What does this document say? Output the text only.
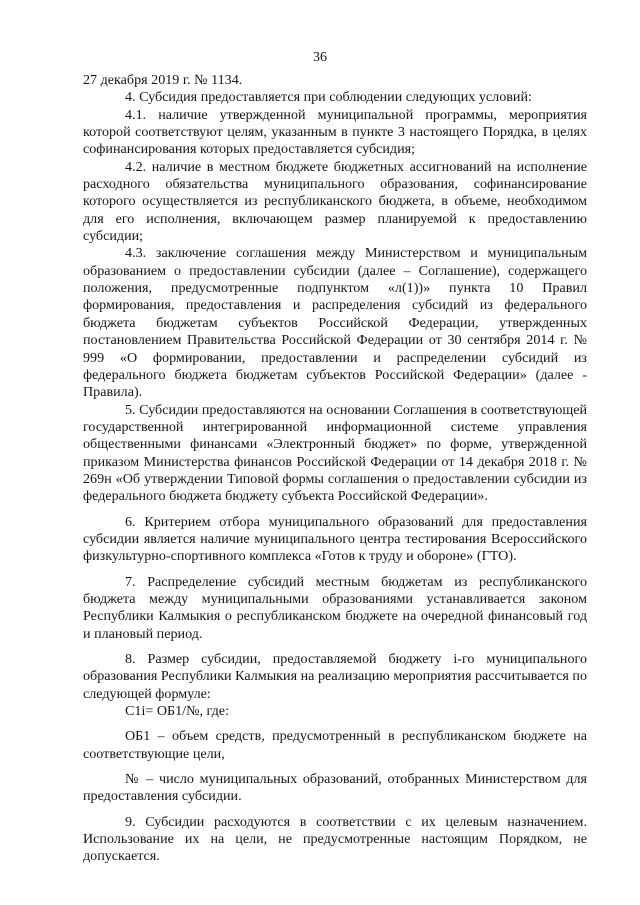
36

27 декабря 2019 г. № 1134.

4. Субсидия предоставляется при соблюдении следующих условий:

4.1. наличие утвержденной муниципальной программы, мероприятия которой соответствуют целям, указанным в пункте 3 настоящего Порядка, в целях софинансирования которых предоставляется субсидия;

4.2. наличие в местном бюджете бюджетных ассигнований на исполнение расходного обязательства муниципального образования, софинансирование которого осуществляется из республиканского бюджета, в объеме, необходимом для его исполнения, включающем размер планируемой к предоставлению субсидии;

4.3. заключение соглашения между Министерством и муниципальным образованием о предоставлении субсидии (далее – Соглашение), содержащего положения, предусмотренные подпунктом «л(1))» пункта 10 Правил формирования, предоставления и распределения субсидий из федерального бюджета бюджетам субъектов Российской Федерации, утвержденных постановлением Правительства Российской Федерации от 30 сентября 2014 г. № 999 «О формировании, предоставлении и распределении субсидий из федерального бюджета бюджетам субъектов Российской Федерации» (далее - Правила).

5. Субсидии предоставляются на основании Соглашения в соответствующей государственной интегрированной информационной системе управления общественными финансами «Электронный бюджет» по форме, утвержденной приказом Министерства финансов Российской Федерации от 14 декабря 2018 г. № 269н «Об утверждении Типовой формы соглашения о предоставлении субсидии из федерального бюджета бюджету субъекта Российской Федерации».

6. Критерием отбора муниципального образований для предоставления субсидии является наличие муниципального центра тестирования Всероссийского физкультурно-спортивного комплекса «Готов к труду и обороне» (ГТО).

7. Распределение субсидий местным бюджетам из республиканского бюджета между муниципальными образованиями устанавливается законом Республики Калмыкия о республиканском бюджете на очередной финансовый год и плановый период.

8. Размер субсидии, предоставляемой бюджету i-го муниципального образования Республики Калмыкия на реализацию мероприятия рассчитывается по следующей формуле:

C1i= ОБ1/№, где:

ОБ1 – объем средств, предусмотренный в республиканском бюджете на соответствующие цели,

№ – число муниципальных образований, отобранных Министерством для предоставления субсидии.

9. Субсидии расходуются в соответствии с их целевым назначением. Использование их на цели, не предусмотренные настоящим Порядком, не допускается.
